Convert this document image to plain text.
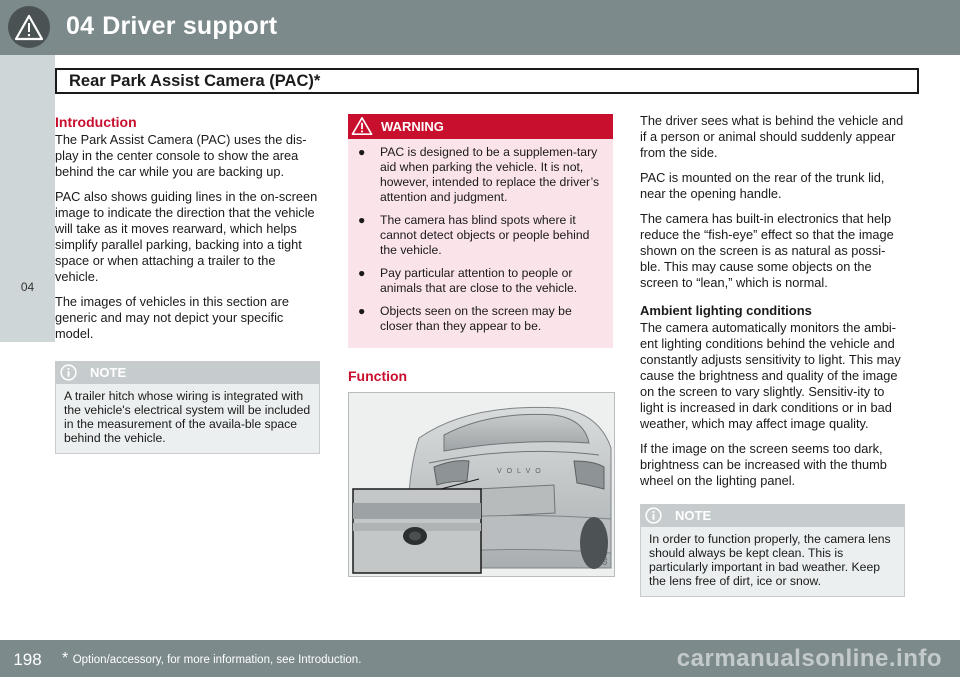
04 Driver support
Rear Park Assist Camera (PAC)*
04
Introduction

The Park Assist Camera (PAC) uses the dis-play in the center console to show the area behind the car while you are backing up.

PAC also shows guiding lines in the on-screen image to indicate the direction that the vehicle will take as it moves rearward, which helps simplify parallel parking, backing into a tight space or when attaching a trailer to the vehicle.

The images of vehicles in this section are generic and may not depict your specific model.

NOTE
A trailer hitch whose wiring is integrated with the vehicle's electrical system will be included in the measurement of the availa-ble space behind the vehicle.
WARNING
● PAC is designed to be a supplemen-tary aid when parking the vehicle. It is not, however, intended to replace the driver’s attention and judgment.
● The camera has blind spots where it cannot detect objects or people behind the vehicle.
● Pay particular attention to people or animals that are close to the vehicle.
● Objects seen on the screen may be closer than they appear to be.
Function
V O L V O
G043900

The driver sees what is behind the vehicle and if a person or animal should suddenly appear from the side.

PAC is mounted on the rear of the trunk lid, near the opening handle.

The camera has built-in electronics that help reduce the “fish-eye” effect so that the image shown on the screen is as natural as possi-ble. This may cause some objects on the screen to “lean,” which is normal.

Ambient lighting conditions

The camera automatically monitors the ambi-ent lighting conditions behind the vehicle and constantly adjusts sensitivity to light. This may cause the brightness and quality of the image on the screen to vary slightly. Sensitiv-ity to light is increased in dark conditions or in bad weather, which may affect image quality.

If the image on the screen seems too dark, brightness can be increased with the thumb wheel on the lighting panel.

NOTE
In order to function properly, the camera lens should always be kept clean. This is particularly important in bad weather. Keep the lens free of dirt, ice or snow.
198	* Option/accessory, for more information, see Introduction.	carmanualsonline.info
